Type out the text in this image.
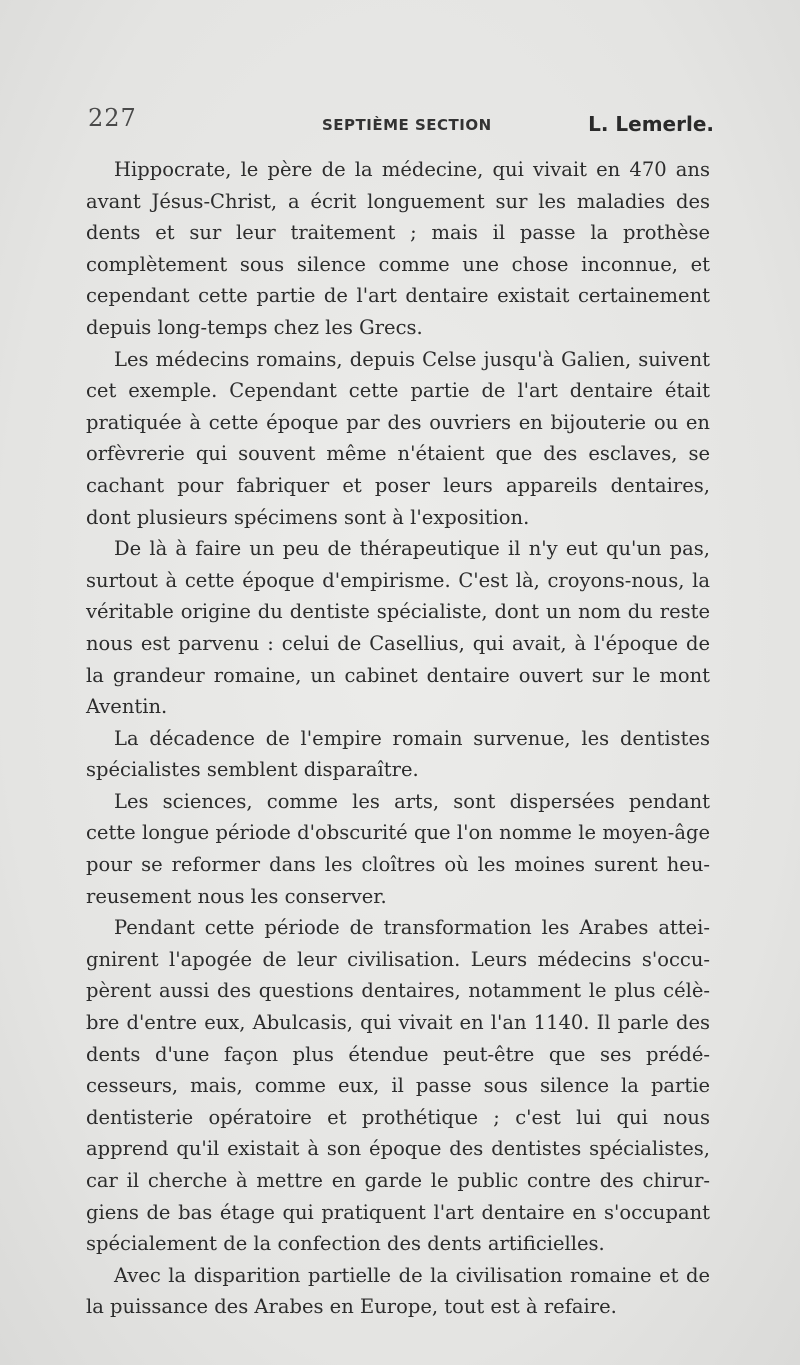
227	SEPTIÈME SECTION	L. Lemerle.

Hippocrate, le père de la médecine, qui vivait en 470 ans avant Jésus-Christ, a écrit longuement sur les maladies des dents et sur leur traitement ; mais il passe la prothèse complètement sous silence comme une chose inconnue, et cependant cette partie de l'art dentaire existait certainement depuis long-temps chez les Grecs.

Les médecins romains, depuis Celse jusqu'à Galien, suivent cet exemple. Cependant cette partie de l'art dentaire était pratiquée à cette époque par des ouvriers en bijouterie ou en orfèvrerie qui souvent même n'étaient que des esclaves, se cachant pour fabriquer et poser leurs appareils dentaires, dont plusieurs spécimens sont à l'exposition.

De là à faire un peu de thérapeutique il n'y eut qu'un pas, surtout à cette époque d'empirisme. C'est là, croyons-nous, la véritable origine du dentiste spécialiste, dont un nom du reste nous est parvenu : celui de Casellius, qui avait, à l'époque de la grandeur romaine, un cabinet dentaire ouvert sur le mont Aventin.

La décadence de l'empire romain survenue, les dentistes spécialistes semblent disparaître.

Les sciences, comme les arts, sont dispersées pendant cette longue période d'obscurité que l'on nomme le moyen-âge pour se reformer dans les cloîtres où les moines surent heu-reusement nous les conserver.

Pendant cette période de transformation les Arabes attei-gnirent l'apogée de leur civilisation. Leurs médecins s'occu-pèrent aussi des questions dentaires, notamment le plus célè-bre d'entre eux, Abulcasis, qui vivait en l'an 1140. Il parle des dents d'une façon plus étendue peut-être que ses prédé-cesseurs, mais, comme eux, il passe sous silence la partie dentisterie opératoire et prothétique ; c'est lui qui nous apprend qu'il existait à son époque des dentistes spécialistes, car il cherche à mettre en garde le public contre des chirur-giens de bas étage qui pratiquent l'art dentaire en s'occupant spécialement de la confection des dents artificielles.

Avec la disparition partielle de la civilisation romaine et de la puissance des Arabes en Europe, tout est à refaire.
